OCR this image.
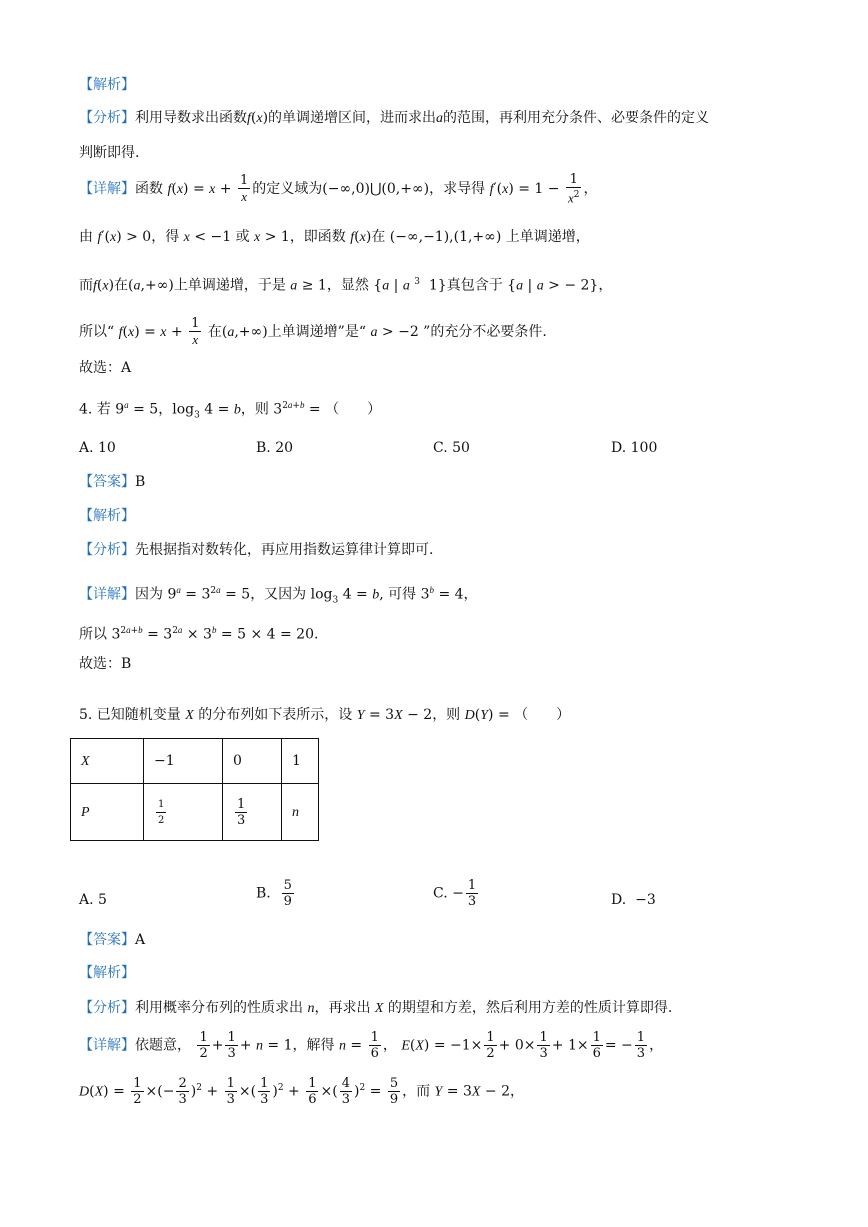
【解析】
【分析】利用导数求出函数f(x)的单调递增区间，进而求出a的范围，再利用充分条件、必要条件的定义
判断即得.
【详解】函数 $f(x) = x + \frac{1}{x}$ 的定义域为(−∞,0)⋃(0,+∞)，求导得 $f'(x) = 1 - \frac{1}{x^2}$ ，
由 f′(x) > 0，得 x < −1 或 x > 1，即函数 f(x)在 (−∞,−1),(1,+∞) 上单调递增，
而f(x)在(a,+∞)上单调递增，于是 a ≥ 1，显然 {a | a $^3$  1}真包含于 {a | a > − 2}，
所以“ $f(x) = x + \frac{1}{x}$ 在(a,+∞)上单调递增”是“ a > −2 ”的充分不必要条件.
故选：A
4. 若 $9^a = 5$，$\log_3 4 = b$，则 $3^{2a+b}$ = （　　）
A. 10	B. 20	C. 50	D. 100
【答案】B
【解析】
【分析】先根据指对数转化，再应用指数运算律计算即可.
【详解】因为 $9^a = 3^{2a} = 5$，又因为 $\log_3 4 = b$, 可得 $3^b = 4$，
所以 $3^{2a+b} = 3^{2a} \times 3^b = 5 \times 4 = 20$.
故选：B
5. 已知随机变量 X 的分布列如下表所示，设 Y = 3X − 2，则 D(Y) = （　　）
X	−1	0	1
P	$\frac{1}{2}$	$\frac{1}{3}$	n
A. 5	B. $\frac{5}{9}$	C. − $\frac{1}{3}$	D.  −3
【答案】A
【解析】
【分析】利用概率分布列的性质求出 n，再求出 X 的期望和方差，然后利用方差的性质计算即得.
【详解】依题意， $\frac{1}{2} + \frac{1}{3} + n = 1$，解得 $n = \frac{1}{6}$ ， $E(X) = -1\times \frac{1}{2} + 0\times \frac{1}{3} + 1\times \frac{1}{6}$ = − $\frac{1}{3}$ ，
$D(X) = \frac{1}{2}$ ×(− $\frac{2}{3} )^2 + \frac{1}{3}$ ×( $\frac{1}{3} )^2 + \frac{1}{6}$ ×( $\frac{4}{3} )^2 = \frac{5}{9}$ ，而 Y = 3X − 2，
